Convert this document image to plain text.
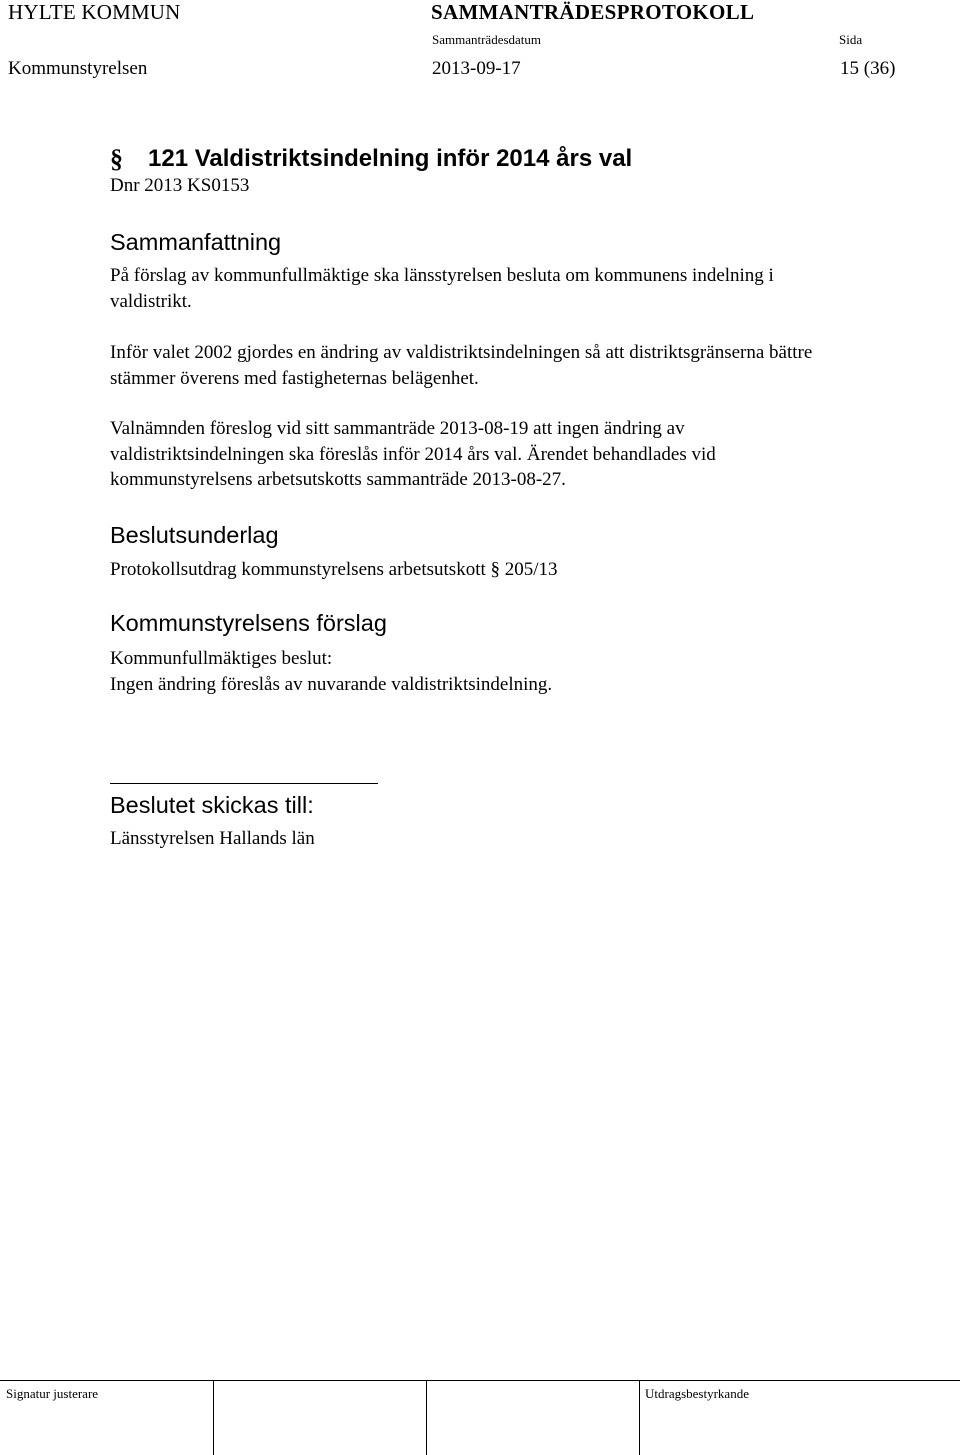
HYLTE KOMMUN	SAMMANTRÄDESPROTOKOLL
Sammanträdesdatum	Sida
Kommunstyrelsen	2013-09-17	15 (36)
§ 121 Valdistriktsindelning inför 2014 års val
Dnr 2013 KS0153
Sammanfattning
På förslag av kommunfullmäktige ska länsstyrelsen besluta om kommunens indelning i
valdistrikt.
Inför valet 2002 gjordes en ändring av valdistriktsindelningen så att distriktsgränserna bättre
stämmer överens med fastigheternas belägenhet.
Valnämnden föreslog vid sitt sammanträde 2013-08-19 att ingen ändring av
valdistriktsindelningen ska föreslås inför 2014 års val. Ärendet behandlades vid
kommunstyrelsens arbetsutskotts sammanträde 2013-08-27.
Beslutsunderlag
Protokollsutdrag kommunstyrelsens arbetsutskott § 205/13
Kommunstyrelsens förslag
Kommunfullmäktiges beslut:
Ingen ändring föreslås av nuvarande valdistriktsindelning.
Beslutet skickas till:
Länsstyrelsen Hallands län
Signatur justerare	Utdragsbestyrkande
